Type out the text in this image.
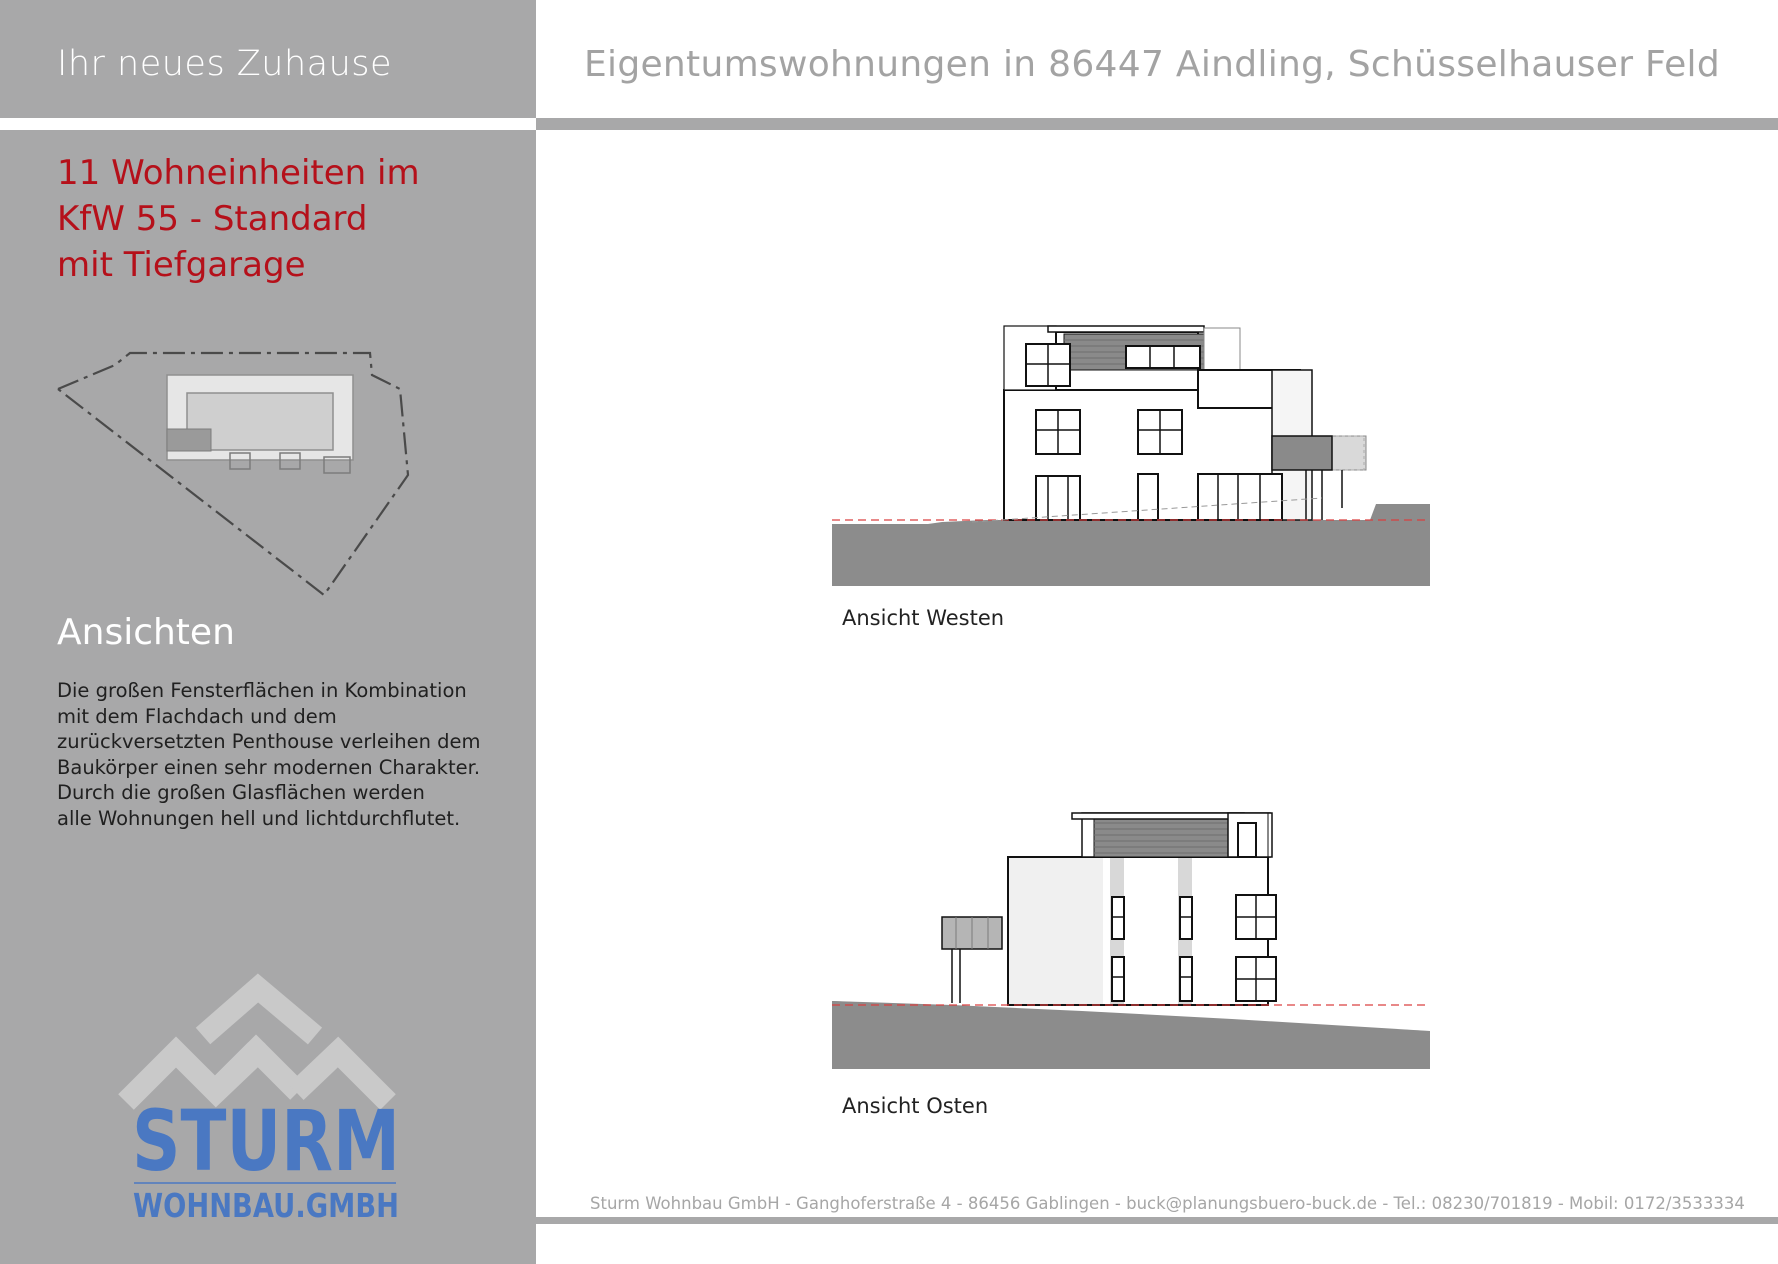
Ihr neues Zuhause	Eigentumswohnungen in 86447 Aindling, Schüsselhauser Feld
11 Wohneinheiten im
KfW 55 - Standard
mit Tiefgarage
Ansichten
Die großen Fensterflächen in Kombination
mit dem Flachdach und dem
zurückversetzten Penthouse verleihen dem
Baukörper einen sehr modernen Charakter.
Durch die großen Glasflächen werden
alle Wohnungen hell und lichtdurchflutet.
STURM
WOHNBAU.GMBH
Ansicht Westen
Ansicht Osten
Sturm Wohnbau GmbH - Ganghoferstraße 4 - 86456 Gablingen - buck@planungsbuero-buck.de - Tel.: 08230/701819 - Mobil: 0172/3533334
